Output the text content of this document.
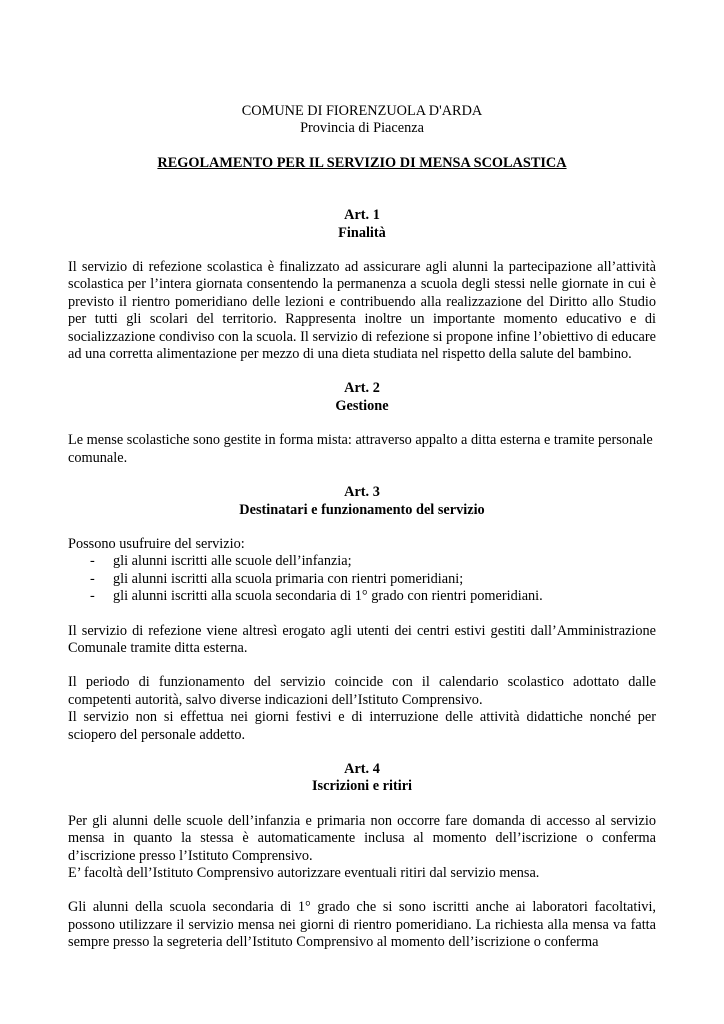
COMUNE DI FIORENZUOLA D'ARDA

Provincia di Piacenza

REGOLAMENTO PER IL SERVIZIO DI MENSA SCOLASTICA
Art. 1
Finalità

Il servizio di refezione scolastica è finalizzato ad assicurare agli alunni la partecipazione all’attività scolastica per l’intera giornata consentendo la permanenza a scuola degli stessi nelle giornate in cui è previsto il rientro pomeridiano delle lezioni e contribuendo alla realizzazione del Diritto allo Studio per tutti gli scolari del territorio. Rappresenta inoltre un importante momento educativo e di socializzazione condiviso con la scuola. Il servizio di refezione si propone infine l’obiettivo di educare ad una corretta alimentazione per mezzo di una dieta studiata nel rispetto della salute del bambino.

Art. 2
Gestione

Le mense scolastiche sono gestite in forma mista: attraverso appalto a ditta esterna e tramite personale comunale.

Art. 3
Destinatari e funzionamento del servizio

Possono usufruire del servizio:

- gli alunni iscritti alle scuole dell’infanzia;
- gli alunni iscritti alla scuola primaria con rientri pomeridiani;
- gli alunni iscritti alla scuola secondaria di 1° grado con rientri pomeridiani.

Il servizio di refezione viene altresì erogato agli utenti dei centri estivi gestiti dall’Amministrazione Comunale tramite ditta esterna.

Il periodo di funzionamento del servizio coincide con il calendario scolastico adottato dalle competenti autorità, salvo diverse indicazioni dell’Istituto Comprensivo.

Il servizio non si effettua nei giorni festivi e di interruzione delle attività didattiche nonché per sciopero del personale addetto.

Art. 4
Iscrizioni e ritiri

Per gli alunni delle scuole dell’infanzia e primaria non occorre fare domanda di accesso al servizio mensa in quanto la stessa è automaticamente inclusa al momento dell’iscrizione o conferma d’iscrizione presso l’Istituto Comprensivo.

E’ facoltà dell’Istituto Comprensivo autorizzare eventuali ritiri dal servizio mensa.

Gli alunni della scuola secondaria di 1° grado che si sono iscritti anche ai laboratori facoltativi, possono utilizzare il servizio mensa nei giorni di rientro pomeridiano. La richiesta alla mensa va fatta sempre presso la segreteria dell’Istituto Comprensivo al momento dell’iscrizione o conferma
